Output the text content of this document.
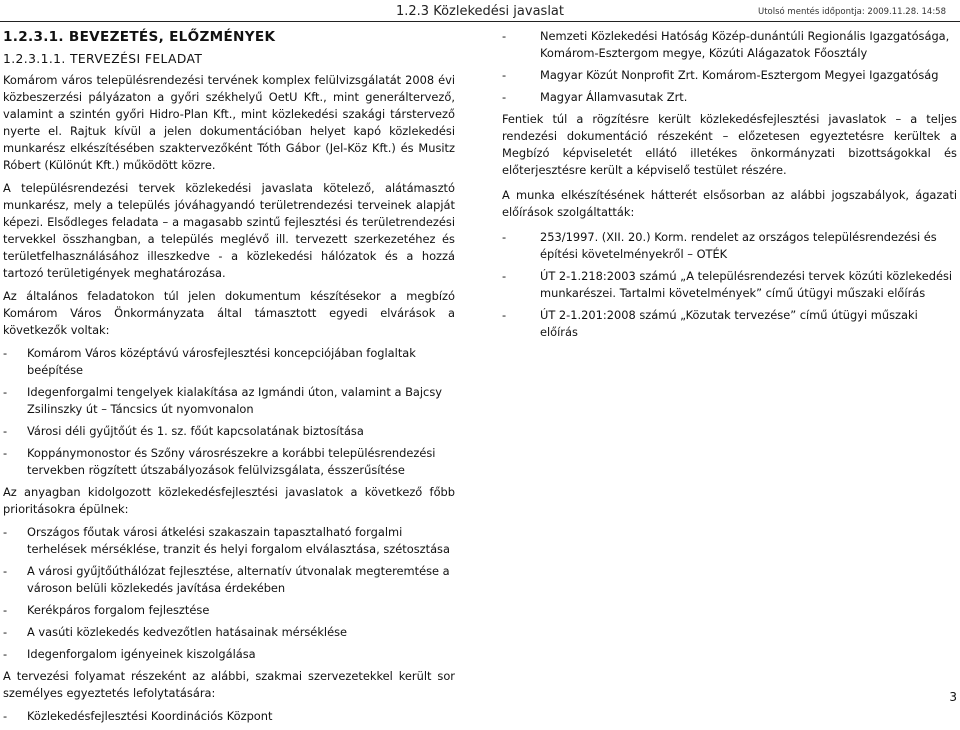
1.2.3 Közlekedési javaslat	Utolsó mentés időpontja: 2009.11.28. 14:58
1.2.3.1. BEVEZETÉS, ELŐZMÉNYEK
1.2.3.1.1. TERVEZÉSI FELADAT

Komárom város településrendezési tervének komplex felülvizsgálatát 2008 évi közbeszerzési pályázaton a győri székhelyű OetU Kft., mint generáltervező, valamint a szintén győri Hidro-Plan Kft., mint közlekedési szakági társtervező nyerte el. Rajtuk kívül a jelen dokumentációban helyet kapó közlekedési munkarész elkészítésében szaktervezőként Tóth Gábor (Jel-Köz Kft.) és Musitz Róbert (Különút Kft.) működött közre.

A településrendezési tervek közlekedési javaslata kötelező, alátámasztó munkarész, mely a település jóváhagyandó területrendezési terveinek alapját képezi. Elsődleges feladata – a magasabb szintű fejlesztési és területrendezési tervekkel összhangban, a település meglévő ill. tervezett szerkezetéhez és területfelhasználásához illeszkedve - a közlekedési hálózatok és a hozzá tartozó területigények meghatározása.

Az általános feladatokon túl jelen dokumentum készítésekor a megbízó Komárom Város Önkormányzata által támasztott egyedi elvárások a következők voltak:

- Komárom Város középtávú városfejlesztési koncepciójában foglaltak beépítése
- Idegenforgalmi tengelyek kialakítása az Igmándi úton, valamint a Bajcsy Zsilinszky út – Táncsics út nyomvonalon
- Városi déli gyűjtőút és 1. sz. főút kapcsolatának biztosítása
- Koppánymonostor és Szőny városrészekre a korábbi településrendezési tervekben rögzített útszabályozások felülvizsgálata, ésszerűsítése

Az anyagban kidolgozott közlekedésfejlesztési javaslatok a következő főbb prioritásokra épülnek:

- Országos főutak városi átkelési szakaszain tapasztalható forgalmi terhelések mérséklése, tranzit és helyi forgalom elválasztása, szétosztása
- A városi gyűjtőúthálózat fejlesztése, alternatív útvonalak megteremtése a városon belüli közlekedés javítása érdekében
- Kerékpáros forgalom fejlesztése
- A vasúti közlekedés kedvezőtlen hatásainak mérséklése
- Idegenforgalom igényeinek kiszolgálása

A tervezési folyamat részeként az alábbi, szakmai szervezetekkel került sor személyes egyeztetés lefolytatására:

- Közlekedésfejlesztési Koordinációs Központ
- Nemzeti Közlekedési Hatóság Közép-dunántúli Regionális Igazgatósága, Komárom-Esztergom megye, Közúti Alágazatok Főosztály
- Magyar Közút Nonprofit Zrt. Komárom-Esztergom Megyei Igazgatóság
- Magyar Államvasutak Zrt.

Fentiek túl a rögzítésre került közlekedésfejlesztési javaslatok – a teljes rendezési dokumentáció részeként – előzetesen egyeztetésre kerültek a Megbízó képviseletét ellátó illetékes önkormányzati bizottságokkal és előterjesztésre került a képviselő testület részére.

A munka elkészítésének hátterét elsősorban az alábbi jogszabályok, ágazati előírások szolgáltatták:

- 253/1997. (XII. 20.) Korm. rendelet az országos településrendezési és építési követelményekről – OTÉK
- ÚT 2-1.218:2003 számú „A településrendezési tervek közúti közlekedési munkarészei. Tartalmi követelmények” című útügyi műszaki előírás
- ÚT 2-1.201:2008 számú „Közutak tervezése” című útügyi műszaki előírás
3
